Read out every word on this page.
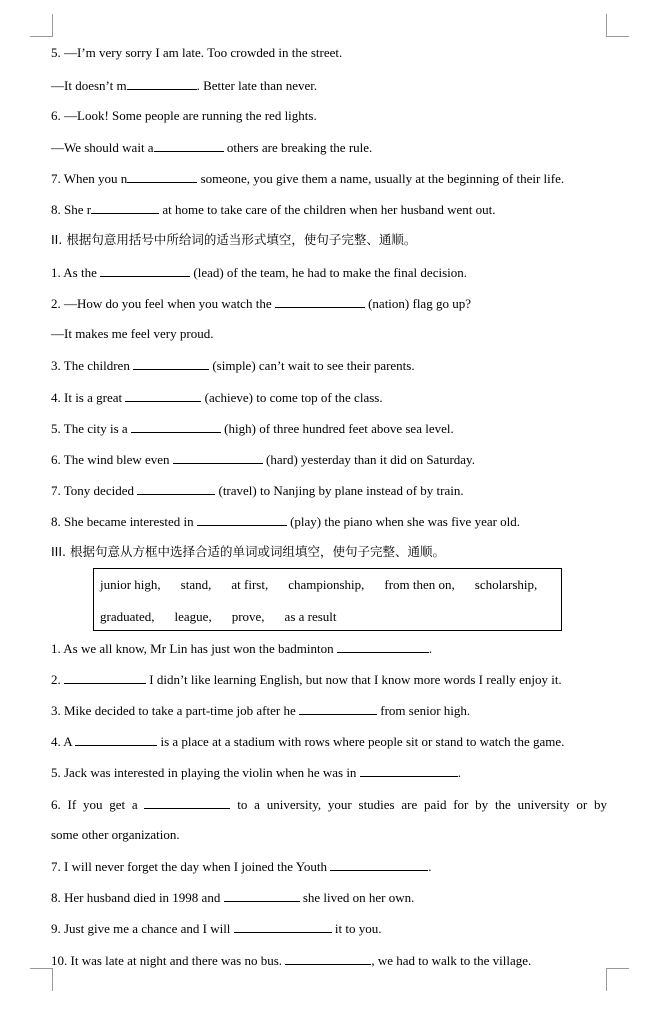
5. —I’m very sorry I am late. Too crowded in the street.
—It doesn’t m	. Better late than never.
6. —Look! Some people are running the red lights.
—We should wait a	others are breaking the rule.
7. When you n	someone, you give them a name, usually at the beginning of their life.
8. She r	at home to take care of the children when her husband went out.
II. 根据句意用括号中所给词的适当形式填空，使句子完整、通顺。
1. As the	(lead) of the team, he had to make the final decision.
2. —How do you feel when you watch the	(nation) flag go up?
—It makes me feel very proud.
3. The children	(simple) can’t wait to see their parents.
4. It is a great	(achieve) to come top of the class.
5. The city is a	(high) of three hundred feet above sea level.
6. The wind blew even	(hard) yesterday than it did on Saturday.
7. Tony decided	(travel) to Nanjing by plane instead of by train.
8. She became interested in	(play) the piano when she was five year old.
III. 根据句意从方框中选择合适的单词或词组填空，使句子完整、通顺。
junior high, stand, at first, championship, from then on, scholarship,
graduated, league, prove, as a result
1. As we all know, Mr Lin has just won the badminton	.
2.	I didn’t like learning English, but now that I know more words I really enjoy it.
3. Mike decided to take a part-time job after he	from senior high.
4. A	is a place at a stadium with rows where people sit or stand to watch the game.
5. Jack was interested in playing the violin when he was in	.
6. If you get a	to a university, your studies are paid for by the university or by
some other organization.
7. I will never forget the day when I joined the Youth	.
8. Her husband died in 1998 and	she lived on her own.
9. Just give me a chance and I will	it to you.
10. It was late at night and there was no bus.	, we had to walk to the village.
